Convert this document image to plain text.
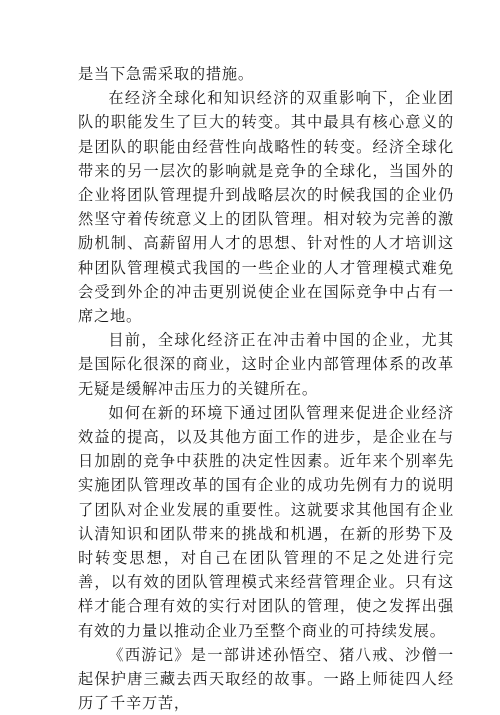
是当下急需采取的措施。

在经济全球化和知识经济的双重影响下，企业团队的职能发生了巨大的转变。其中最具有核心意义的是团队的职能由经营性向战略性的转变。经济全球化带来的另一层次的影响就是竞争的全球化，当国外的企业将团队管理提升到战略层次的时候我国的企业仍然坚守着传统意义上的团队管理。相对较为完善的激励机制、高薪留用人才的思想、针对性的人才培训这种团队管理模式我国的一些企业的人才管理模式难免会受到外企的冲击更别说使企业在国际竞争中占有一席之地。

目前，全球化经济正在冲击着中国的企业，尤其是国际化很深的商业，这时企业内部管理体系的改革无疑是缓解冲击压力的关键所在。

如何在新的环境下通过团队管理来促进企业经济效益的提高，以及其他方面工作的进步，是企业在与日加剧的竞争中获胜的决定性因素。近年来个别率先实施团队管理改革的国有企业的成功先例有力的说明了团队对企业发展的重要性。这就要求其他国有企业认清知识和团队带来的挑战和机遇，在新的形势下及时转变思想，对自己在团队管理的不足之处进行完善，以有效的团队管理模式来经营管理企业。只有这样才能合理有效的实行对团队的管理，使之发挥出强有效的力量以推动企业乃至整个商业的可持续发展。

《西游记》是一部讲述孙悟空、猪八戒、沙僧一起保护唐三藏去西天取经的故事。一路上师徒四人经历了千辛万苦，
